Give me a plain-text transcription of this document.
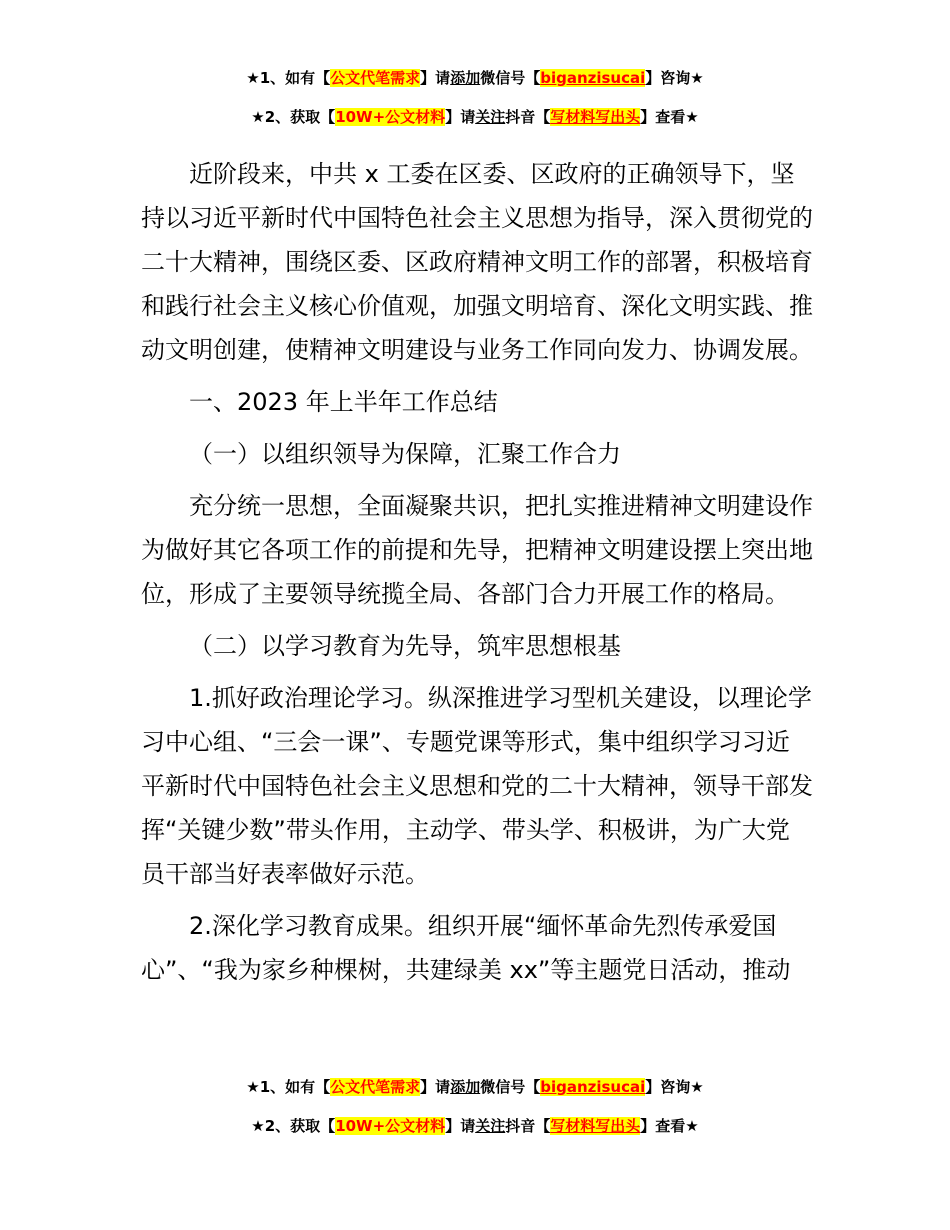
★1、如有【公文代笔需求】请添加微信号【biganzisucai】咨询★
★2、获取【10W+公文材料】请关注抖音【写材料写出头】查看★

近阶段来，中共 x 工委在区委、区政府的正确领导下，坚持以习近平新时代中国特色社会主义思想为指导，深入贯彻党的二十大精神，围绕区委、区政府精神文明工作的部署，积极培育和践行社会主义核心价值观，加强文明培育、深化文明实践、推动文明创建，使精神文明建设与业务工作同向发力、协调发展。

一、2023 年上半年工作总结

（一）以组织领导为保障，汇聚工作合力

充分统一思想，全面凝聚共识，把扎实推进精神文明建设作为做好其它各项工作的前提和先导，把精神文明建设摆上突出地位，形成了主要领导统揽全局、各部门合力开展工作的格局。

（二）以学习教育为先导，筑牢思想根基

1.抓好政治理论学习。纵深推进学习型机关建设，以理论学习中心组、“三会一课”、专题党课等形式，集中组织学习习近平新时代中国特色社会主义思想和党的二十大精神，领导干部发挥“关键少数”带头作用，主动学、带头学、积极讲，为广大党员干部当好表率做好示范。

2.深化学习教育成果。组织开展“缅怀革命先烈传承爱国心”、“我为家乡种棵树，共建绿美 xx”等主题党日活动，推动

★1、如有【公文代笔需求】请添加微信号【biganzisucai】咨询★
★2、获取【10W+公文材料】请关注抖音【写材料写出头】查看★
